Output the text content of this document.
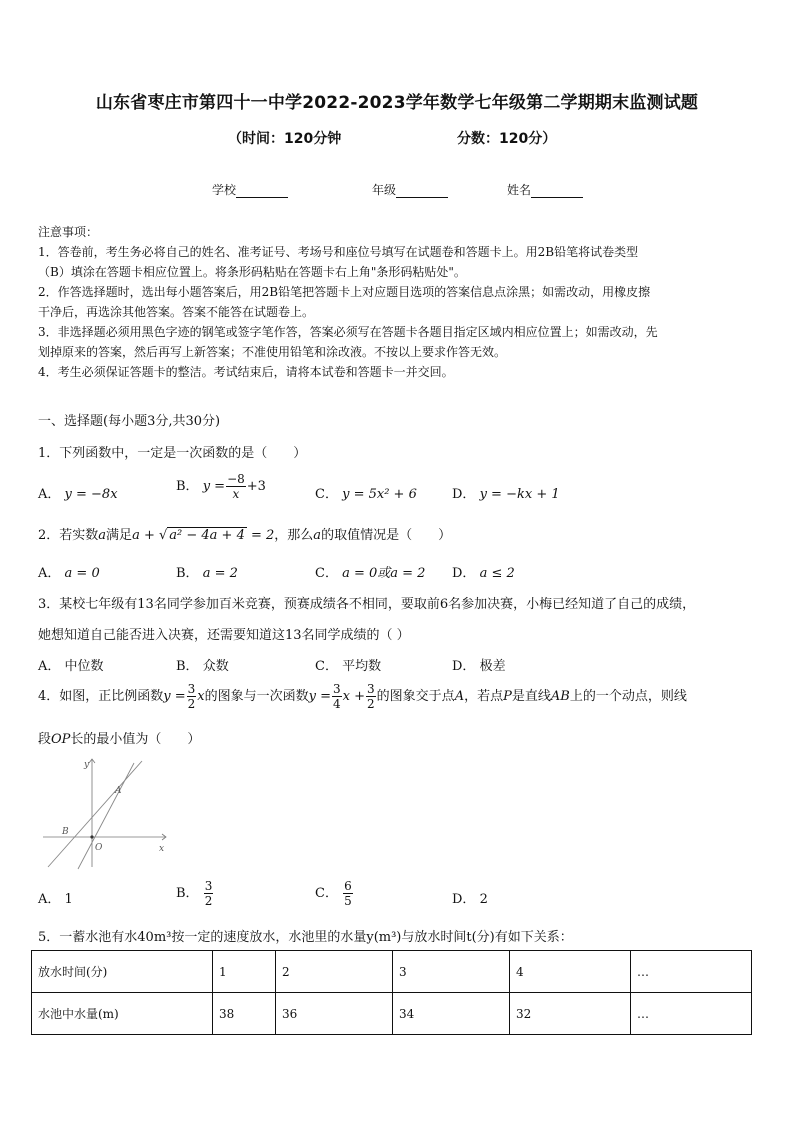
山东省枣庄市第四十一中学2022-2023学年数学七年级第二学期期末监测试题
（时间：120分钟	分数：120分）
学校	年级	姓名

注意事项：

1．答卷前，考生务必将自己的姓名、准考证号、考场号和座位号填写在试题卷和答题卡上。用2B铅笔将试卷类型

（B）填涂在答题卡相应位置上。将条形码粘贴在答题卡右上角"条形码粘贴处"。

2．作答选择题时，选出每小题答案后，用2B铅笔把答题卡上对应题目选项的答案信息点涂黑；如需改动，用橡皮擦

干净后，再选涂其他答案。答案不能答在试题卷上。

3．非选择题必须用黑色字迹的钢笔或签字笔作答，答案必须写在答题卡各题目指定区域内相应位置上；如需改动，先

划掉原来的答案，然后再写上新答案；不准使用铅笔和涂改液。不按以上要求作答无效。

4．考生必须保证答题卡的整洁。考试结束后，请将本试卷和答题卡一并交回。

一、选择题(每小题3分,共30分)
1．下列函数中，一定是一次函数的是（　　）
A． y = −8x
B． $y = \frac{-8}{x} +3$
C． y = 5x² + 6	D． y = −kx + 1
2．若实数a满足a + √ a² − 4a + 4 = 2，那么a的取值情况是（　　）
A． a = 0	B． a = 2	C． a = 0或a = 2 D． a ≤ 2
3．某校七年级有13名同学参加百米竞赛，预赛成绩各不相同，要取前6名参加决赛，小梅已经知道了自己的成绩，
她想知道自己能否进入决赛，还需要知道这13名同学成绩的（ ）
A． 中位数	B． 众数	C． 平均数	D． 极差
4．如图，正比例函数$y = \frac{3}{2}$ x的图象与一次函数$y = \frac{3}{4}$ $x + \frac{3}{2}$ 的图象交于点A，若点P是直线AB上的一个动点，则线
段OP长的最小值为（　　）
A
B
O	x
y
A． 1	B． $\frac{3}{2}$	C． $\frac{6}{5}$	D． 2
5．一蓄水池有水40m³按一定的速度放水，水池里的水量y(m³)与放水时间t(分)有如下关系：
放水时间(分)	1	2	3	4	…
水池中水量(m)	38	36	34	32	…
